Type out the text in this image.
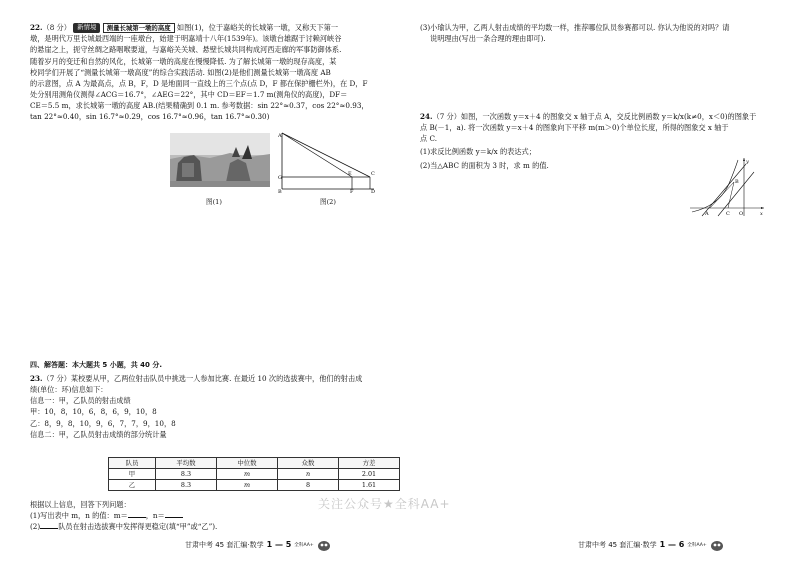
22.（8 分） 新情境 测量长城第一墩的高度 如图(1)，位于嘉峪关的长城第一墩，又称天下第一

墩，是明代万里长城最西端的一座墩台，始建于明嘉靖十八年(1539年)。该墩台雄踞于讨赖河峡谷

的悬崖之上，扼守丝绸之路咽喉要道，与嘉峪关关城、悬壁长城共同构成河西走廊的军事防御体系.

随着岁月的变迁和自然的风化，长城第一墩的高度在慢慢降低. 为了解长城第一墩的现存高度，某

校同学们开展了“测量长城第一墩高度”的综合实践活动. 如图(2)是他们测量长城第一墩高度 AB

的示意图，点 A 为最高点，点 B，F，D 是地面同一直线上的三个点(点 D，F 都在保护栅栏外)，在 D，F

处分别用测角仪测得∠ACG＝16.7°，∠AEG＝22°，其中 CD＝EF＝1.7 m(测角仪的高度)，DF＝

CE＝5.5 m，求长城第一墩的高度 AB.(结果精确到 0.1 m. 参考数据：sin 22°≈0.37，cos 22°≈0.93，

tan 22°≈0.40，sin 16.7°≈0.29，cos 16.7°≈0.96，tan 16.7°≈0.30)

图(1)
A
G
E	C
B	F	D
图(2)
四、解答题：本大题共 5 小题，共 40 分.

23.（7 分）某校要从甲，乙两位射击队员中挑选一人参加比赛. 在最近 10 次的选拔赛中，他们的射击成

绩(单位：环)信息如下：

信息一：甲，乙队员的射击成绩

甲：10，8，10，6，8，6，9，10，8

乙：8，9，8，10，9，6，7，7，9，10，8

信息二：甲，乙队员射击成绩的部分统计量

队员	平均数	中位数	众数	方差
甲	8.3	m	n	2.01
乙	8.3	m	8	1.61

根据以上信息，回答下列问题：

(1)写出表中 m，n 的值：m＝	，n＝

(2)	队员在射击选拔赛中发挥得更稳定(填“甲”或“乙”).

(3)小瑜认为甲，乙两人射击成绩的平均数一样，推荐哪位队员参赛都可以. 你认为他说的对吗？请

说明理由(写出一条合理的理由即可).

24.（7 分）如图，一次函数 y＝x＋4 的图象交 x 轴于点 A，交反比例函数 y＝k/x(k≠0，x＜0)的图象于

点 B(－1，a). 将一次函数 y＝x＋4 的图象向下平移 m(m＞0)个单位长度，所得的图象交 x 轴于

点 C.

(1)求反比例函数 y＝k/x 的表达式；

(2)当△ABC 的面积为 3 时，求 m 的值.	y
B
A	C O	x
关注公众号★全科AA+
甘肃中考 45 套汇编·数学 1 — 5 全科AA+	甘肃中考 45 套汇编·数学 1 — 6 全科AA+
